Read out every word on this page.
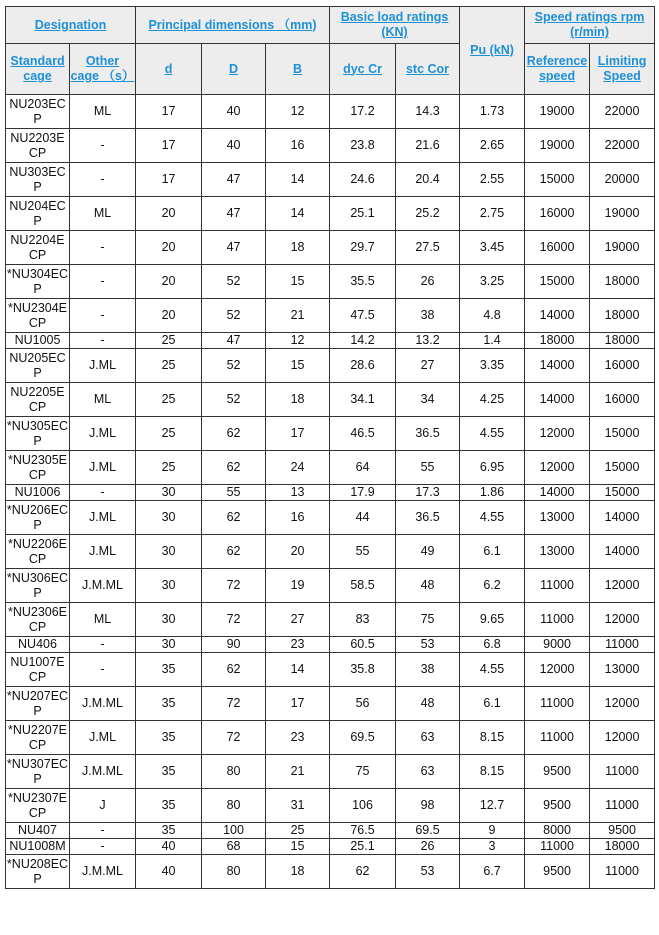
Designation		Principal dimensions （mm)			Basic load ratings (KN)		Pu (kN)	Speed ratings rpm (r/min)	
Standard cage	Other cage （s）	d	D	B	dyc Cr	stc Cor		Reference speed	Limiting Speed
NU203ECP	ML	17	40	12	17.2	14.3	1.73	19000	22000
NU2203ECP	-	17	40	16	23.8	21.6	2.65	19000	22000
NU303ECP	-	17	47	14	24.6	20.4	2.55	15000	20000
NU204ECP	ML	20	47	14	25.1	25.2	2.75	16000	19000
NU2204ECP	-	20	47	18	29.7	27.5	3.45	16000	19000
*NU304ECP	-	20	52	15	35.5	26	3.25	15000	18000
*NU2304ECP	-	20	52	21	47.5	38	4.8	14000	18000
NU1005	-	25	47	12	14.2	13.2	1.4	18000	18000
NU205ECP	J.ML	25	52	15	28.6	27	3.35	14000	16000
NU2205ECP	ML	25	52	18	34.1	34	4.25	14000	16000
*NU305ECP	J.ML	25	62	17	46.5	36.5	4.55	12000	15000
*NU2305ECP	J.ML	25	62	24	64	55	6.95	12000	15000
NU1006	-	30	55	13	17.9	17.3	1.86	14000	15000
*NU206ECP	J.ML	30	62	16	44	36.5	4.55	13000	14000
*NU2206ECP	J.ML	30	62	20	55	49	6.1	13000	14000
*NU306ECP	J.M.ML	30	72	19	58.5	48	6.2	11000	12000
*NU2306ECP	ML	30	72	27	83	75	9.65	11000	12000
NU406	-	30	90	23	60.5	53	6.8	9000	11000
NU1007ECP	-	35	62	14	35.8	38	4.55	12000	13000
*NU207ECP	J.M.ML	35	72	17	56	48	6.1	11000	12000
*NU2207ECP	J.ML	35	72	23	69.5	63	8.15	11000	12000
*NU307ECP	J.M.ML	35	80	21	75	63	8.15	9500	11000
*NU2307ECP	J	35	80	31	106	98	12.7	9500	11000
NU407	-	35	100	25	76.5	69.5	9	8000	9500
NU1008M	-	40	68	15	25.1	26	3	11000	18000
*NU208ECP	J.M.ML	40	80	18	62	53	6.7	9500	11000
